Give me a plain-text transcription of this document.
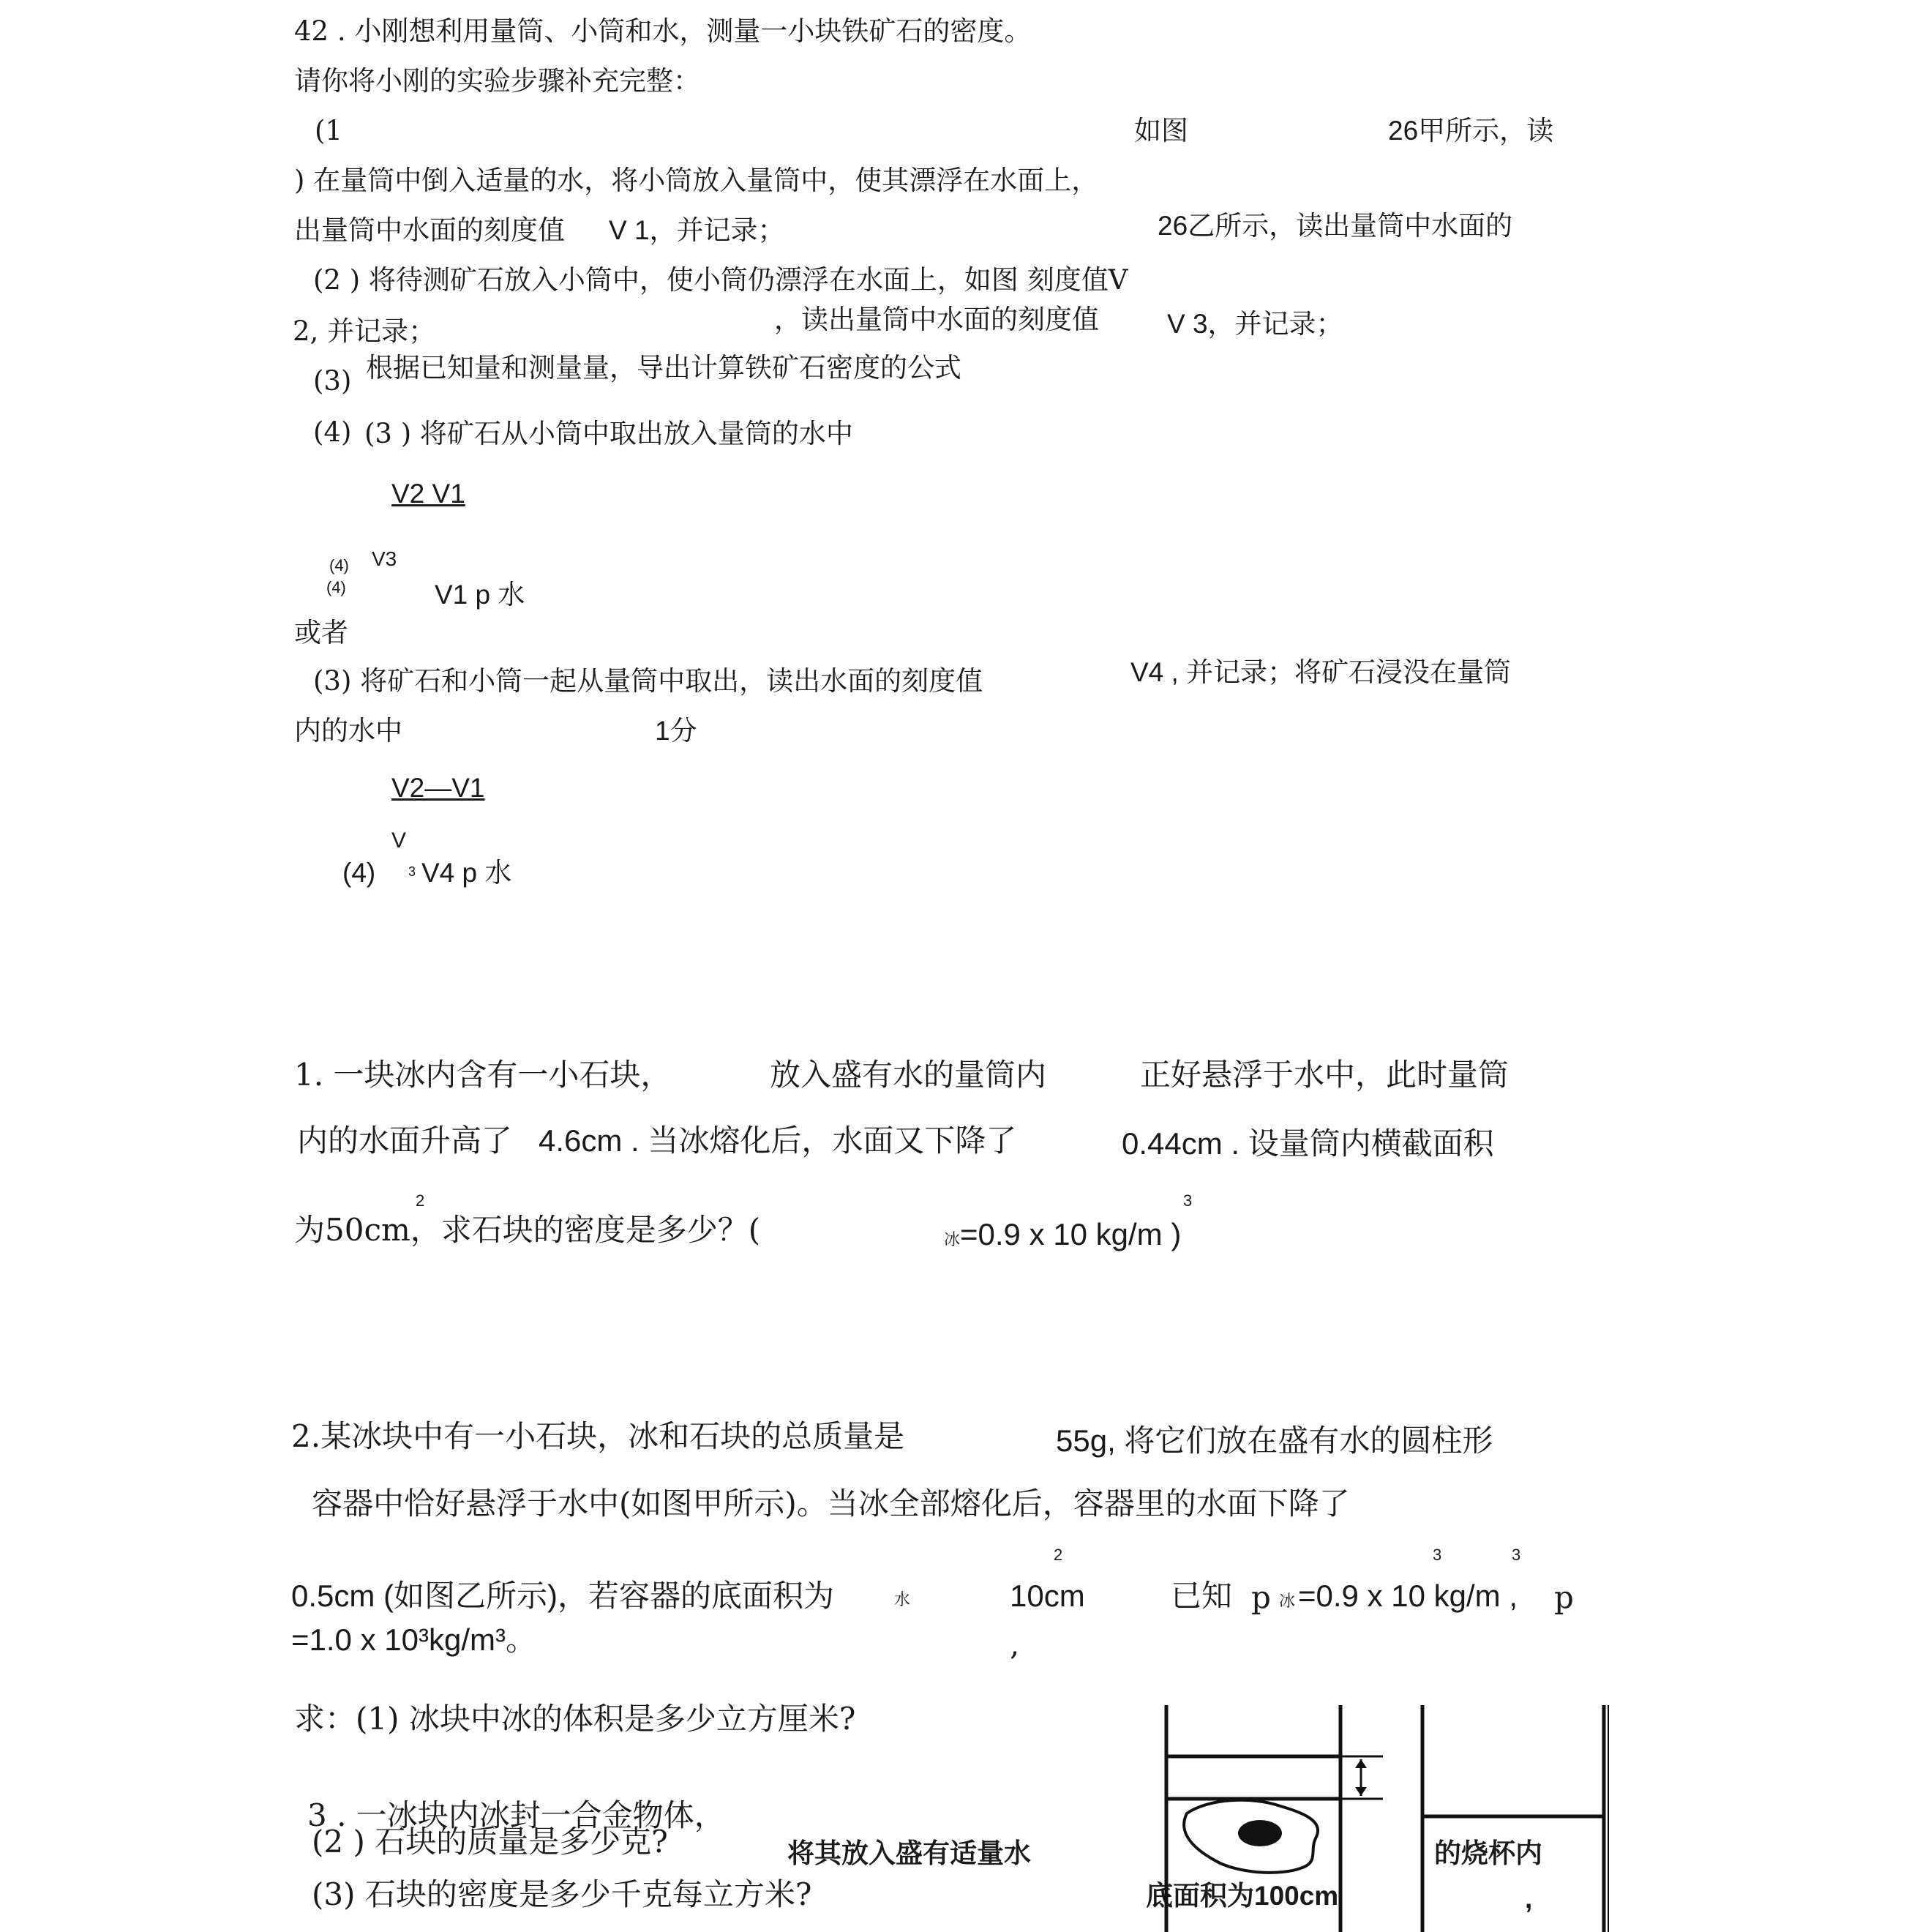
42 . 小刚想利用量筒、小筒和水，测量一小块铁矿石的密度。
请你将小刚的实验步骤补充完整：
(1	如图	26甲所示，读
) 在量筒中倒入适量的水，将小筒放入量筒中，使其漂浮在水面上，
出量筒中水面的刻度值 V 1，并记录；	26乙所示，读出量筒中水面的
(2 ) 将待测矿石放入小筒中，使小筒仍漂浮在水面上，如图 刻度值V
2, 并记录；	，读出量筒中水面的刻度值	V 3，并记录；
(3) 根据已知量和测量量，导出计算铁矿石密度的公式
(4) (3 ) 将矿石从小筒中取出放入量筒的水中
V2 V1
(4) V3
(4)	V1 p 水
或者
(3) 将矿石和小筒一起从量筒中取出，读出水面的刻度值	V4 , 并记录；将矿石浸没在量筒
内的水中	1分
V2—V1
V
(4) 3 V4 p 水
1. 一块冰内含有一小石块，	放入盛有水的量筒内	正好悬浮于水中，此时量筒
内的水面升高了 4.6cm . 当冰熔化后，水面又下降了	0.44cm . 设量筒内横截面积
2	3
为50cm，求石块的密度是多少？(	冰 =0.9 x 10 kg/m )
2.某冰块中有一小石块，冰和石块的总质量是	55g, 将它们放在盛有水的圆柱形
容器中恰好悬浮于水中(如图甲所示)。当冰全部熔化后，容器里的水面下降了
2	3	3
0.5cm (如图乙所示)，若容器的底面积为	水	10cm	已知 p 冰 =0.9 x 10 kg/m , p
=1.0 x 10³kg/m³。	,
求：(1) 冰块中冰的体积是多少立方厘米?
(2 ) 石块的质量是多少克?
(3) 石块的密度是多少千克每立方米?
3 . 一冰块内冰封一合金物体，
将其放入盛有适量水	的烧杯内
底面积为100cm	,
